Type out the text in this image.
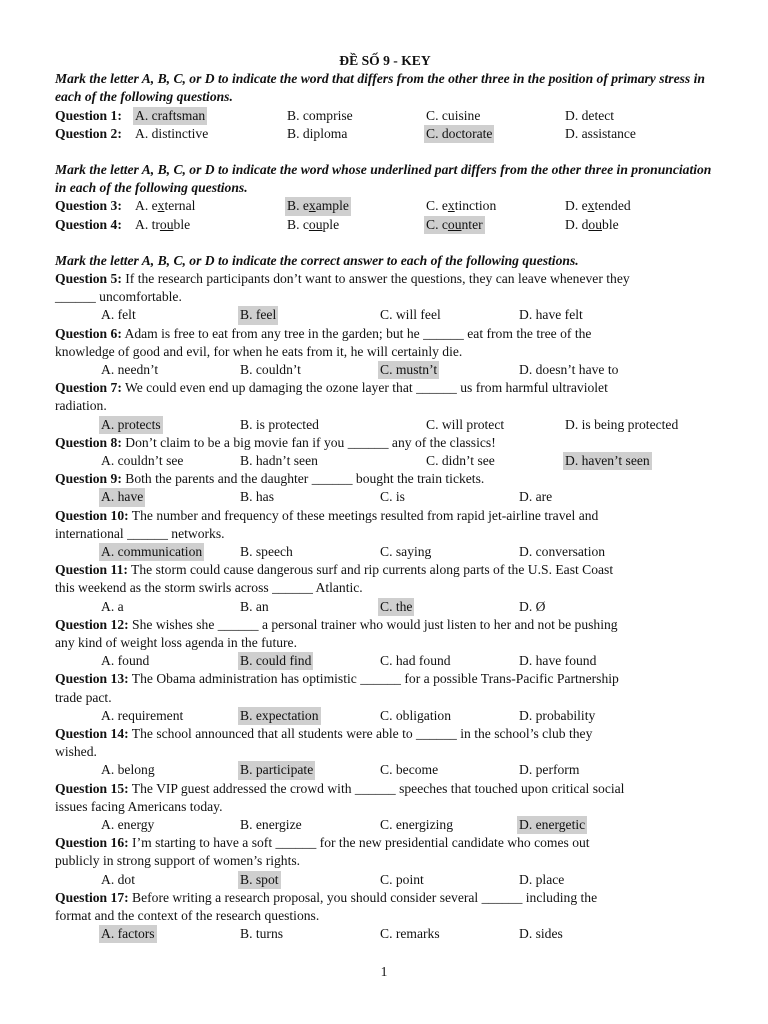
ĐỀ SỐ 9 - KEY
Mark the letter A, B, C, or D to indicate the word that differs from the other three in the position of primary stress in each of the following questions.
Question 1: A. craftsman	B. comprise	C. cuisine	D. detect
Question 2: A. distinctive	B. diploma	C. doctorate	D. assistance
Mark the letter A, B, C, or D to indicate the word whose underlined part differs from the other three in pronunciation in each of the following questions.
Question 3: A. external	B. example	C. extinction	D. extended
Question 4: A. trouble	B. couple	C. counter	D. double
Mark the letter A, B, C, or D to indicate the correct answer to each of the following questions.
Question 5: If the research participants don’t want to answer the questions, they can leave whenever they
______ uncomfortable.
A. felt	B. feel	C. will feel	D. have felt
Question 6: Adam is free to eat from any tree in the garden; but he ______ eat from the tree of the
knowledge of good and evil, for when he eats from it, he will certainly die.
A. needn’t	B. couldn’t	C. mustn’t	D. doesn’t have to
Question 7: We could even end up damaging the ozone layer that ______ us from harmful ultraviolet
radiation.
A. protects	B. is protected	C. will protect	D. is being protected
Question 8: Don’t claim to be a big movie fan if you ______ any of the classics!
A. couldn’t see	B. hadn’t seen	C. didn’t see	D. haven’t seen
Question 9: Both the parents and the daughter ______ bought the train tickets.
A. have	B. has	C. is	D. are
Question 10: The number and frequency of these meetings resulted from rapid jet-airline travel and
international ______ networks.
A. communication	B. speech	C. saying	D. conversation
Question 11: The storm could cause dangerous surf and rip currents along parts of the U.S. East Coast
this weekend as the storm swirls across ______ Atlantic.
A. a	B. an	C. the	D. Ø
Question 12: She wishes she ______ a personal trainer who would just listen to her and not be pushing
any kind of weight loss agenda in the future.
A. found	B. could find	C. had found	D. have found
Question 13: The Obama administration has optimistic ______ for a possible Trans-Pacific Partnership
trade pact.
A. requirement	B. expectation	C. obligation	D. probability
Question 14: The school announced that all students were able to ______ in the school’s club they
wished.
A. belong	B. participate	C. become	D. perform
Question 15: The VIP guest addressed the crowd with ______ speeches that touched upon critical social
issues facing Americans today.
A. energy	B. energize	C. energizing	D. energetic
Question 16: I’m starting to have a soft ______ for the new presidential candidate who comes out
publicly in strong support of women’s rights.
A. dot	B. spot	C. point	D. place
Question 17: Before writing a research proposal, you should consider several ______ including the
format and the context of the research questions.
A. factors	B. turns	C. remarks	D. sides
1
